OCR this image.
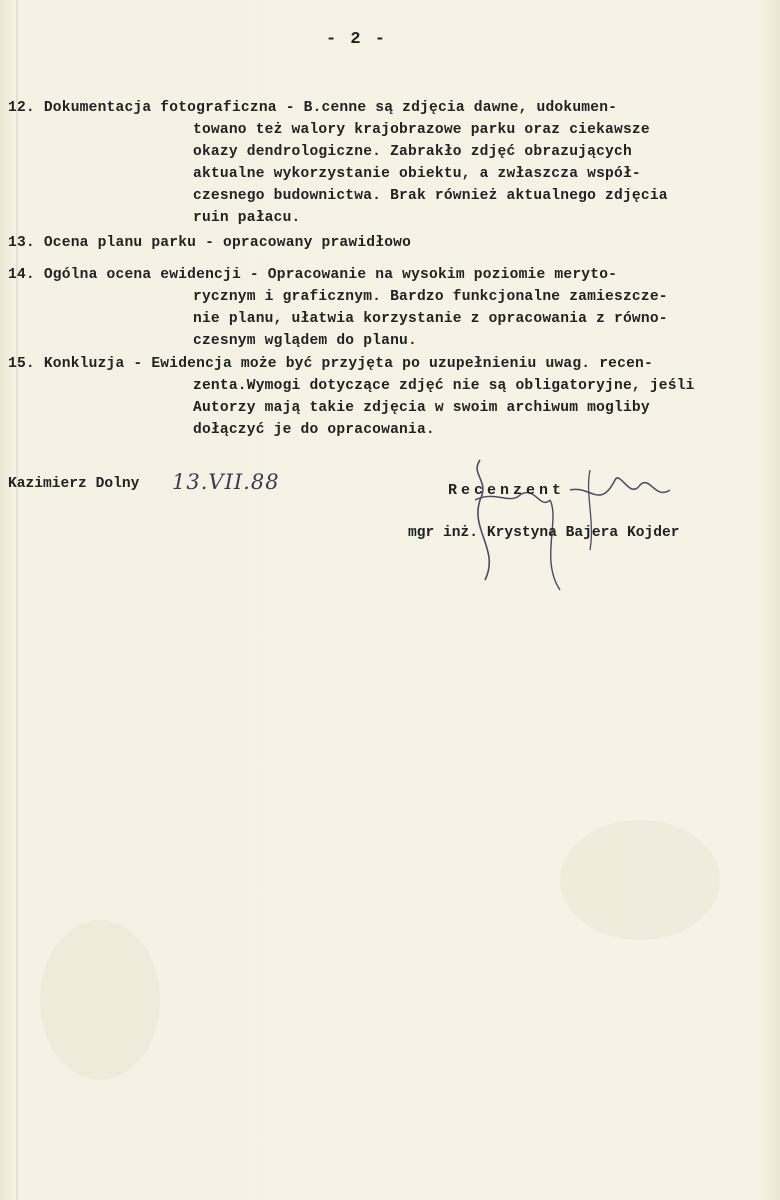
- 2 -
12. Dokumentacja fotograficzna - B.cenne są zdjęcia dawne, udokumen-
towano też walory krajobrazowe parku oraz ciekawsze
okazy dendrologiczne. Zabrakło zdjęć obrazujących
aktualne wykorzystanie obiektu, a zwłaszcza współ-
czesnego budownictwa. Brak również aktualnego zdjęcia
ruin pałacu.
13. Ocena planu parku - opracowany prawidłowo
14. Ogólna ocena ewidencji - Opracowanie na wysokim poziomie meryto-
rycznym i graficznym. Bardzo funkcjonalne zamieszcze-
nie planu, ułatwia korzystanie z opracowania z równo-
czesnym wglądem do planu.
15. Konkluzja - Ewidencja może być przyjęta po uzupełnieniu uwag. recen-
zenta.Wymogi dotyczące zdjęć nie są obligatoryjne, jeśli
Autorzy mają takie zdjęcia w swoim archiwum mogliby
dołączyć je do opracowania.
Kazimierz Dolny 13.VII.88	Recenzent
mgr inż. Krystyna Bajera Kojder
